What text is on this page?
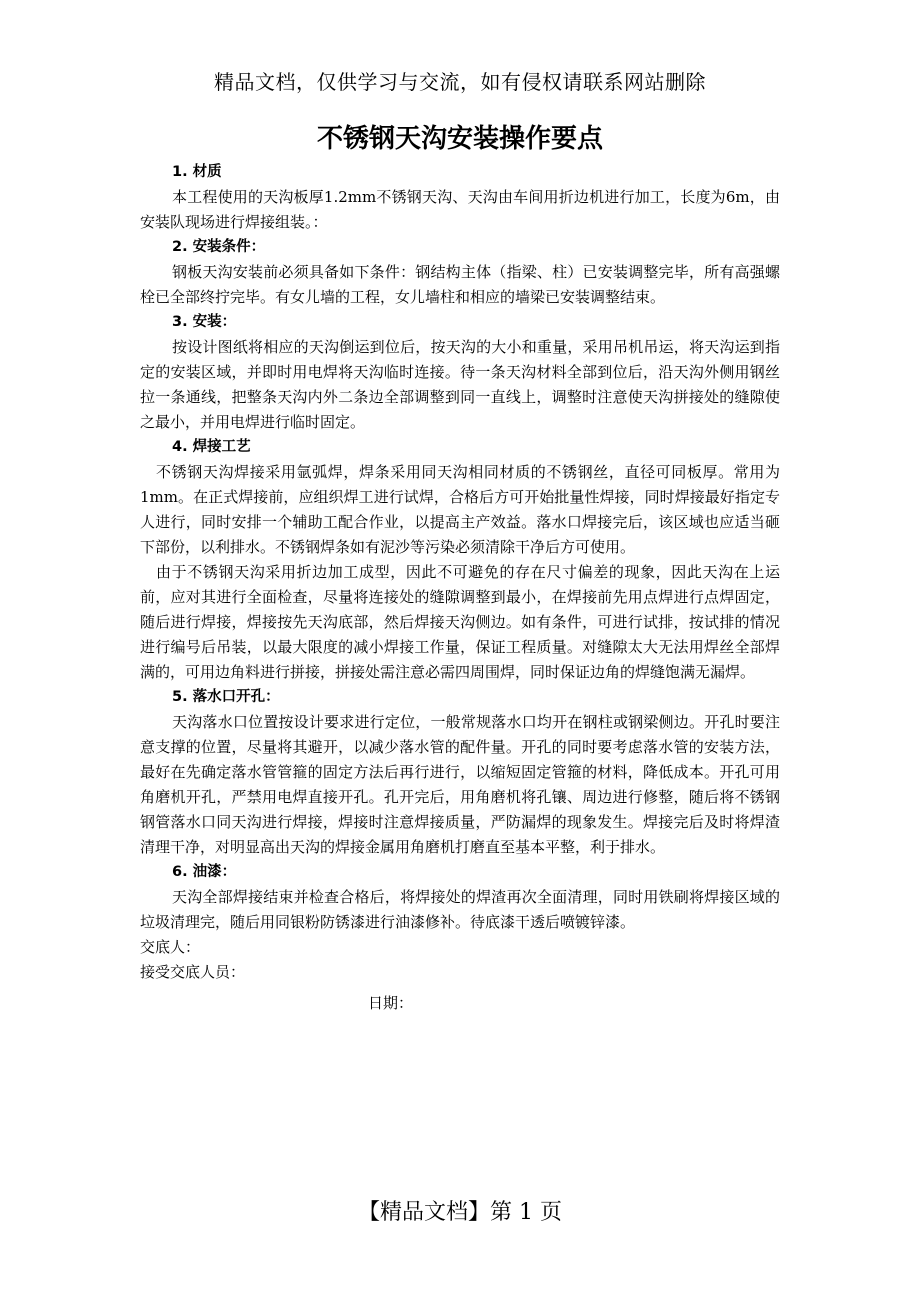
精品文档，仅供学习与交流，如有侵权请联系网站删除
不锈钢天沟安装操作要点

1. 材质

本工程使用的天沟板厚1.2mm不锈钢天沟、天沟由车间用折边机进行加工，长度为6m，由安装队现场进行焊接组装。：

2. 安装条件：

钢板天沟安装前必须具备如下条件：钢结构主体（指梁、柱）已安装调整完毕，所有高强螺栓已全部终拧完毕。有女儿墙的工程，女儿墙柱和相应的墙梁已安装调整结束。

3. 安装：

按设计图纸将相应的天沟倒运到位后，按天沟的大小和重量，采用吊机吊运，将天沟运到指定的安装区域，并即时用电焊将天沟临时连接。待一条天沟材料全部到位后，沿天沟外侧用钢丝拉一条通线，把整条天沟内外二条边全部调整到同一直线上，调整时注意使天沟拼接处的缝隙使之最小，并用电焊进行临时固定。

4. 焊接工艺

不锈钢天沟焊接采用氩弧焊，焊条采用同天沟相同材质的不锈钢丝，直径可同板厚。常用为1mm。在正式焊接前，应组织焊工进行试焊，合格后方可开始批量性焊接，同时焊接最好指定专人进行，同时安排一个辅助工配合作业，以提高主产效益。落水口焊接完后，该区域也应适当砸下部份，以利排水。不锈钢焊条如有泥沙等污染必须清除干净后方可使用。

由于不锈钢天沟采用折边加工成型，因此不可避免的存在尺寸偏差的现象，因此天沟在上运前，应对其进行全面检查，尽量将连接处的缝隙调整到最小，在焊接前先用点焊进行点焊固定，随后进行焊接，焊接按先天沟底部，然后焊接天沟侧边。如有条件，可进行试排，按试排的情况进行编号后吊装，以最大限度的减小焊接工作量，保证工程质量。对缝隙太大无法用焊丝全部焊满的，可用边角料进行拼接，拼接处需注意必需四周围焊，同时保证边角的焊缝饱满无漏焊。

5. 落水口开孔：

天沟落水口位置按设计要求进行定位，一般常规落水口均开在钢柱或钢梁侧边。开孔时要注意支撑的位置，尽量将其避开，以减少落水管的配件量。开孔的同时要考虑落水管的安装方法，最好在先确定落水管管箍的固定方法后再行进行，以缩短固定管箍的材料，降低成本。开孔可用角磨机开孔，严禁用电焊直接开孔。孔开完后，用角磨机将孔镶、周边进行修整，随后将不锈钢钢管落水口同天沟进行焊接，焊接时注意焊接质量，严防漏焊的现象发生。焊接完后及时将焊渣清理干净，对明显高出天沟的焊接金属用角磨机打磨直至基本平整，利于排水。

6. 油漆：

天沟全部焊接结束并检查合格后，将焊接处的焊渣再次全面清理，同时用铁刷将焊接区域的垃圾清理完，随后用同银粉防锈漆进行油漆修补。待底漆干透后喷镀锌漆。

交底人：

接受交底人员：

日期：

【精品文档】第 1 页
